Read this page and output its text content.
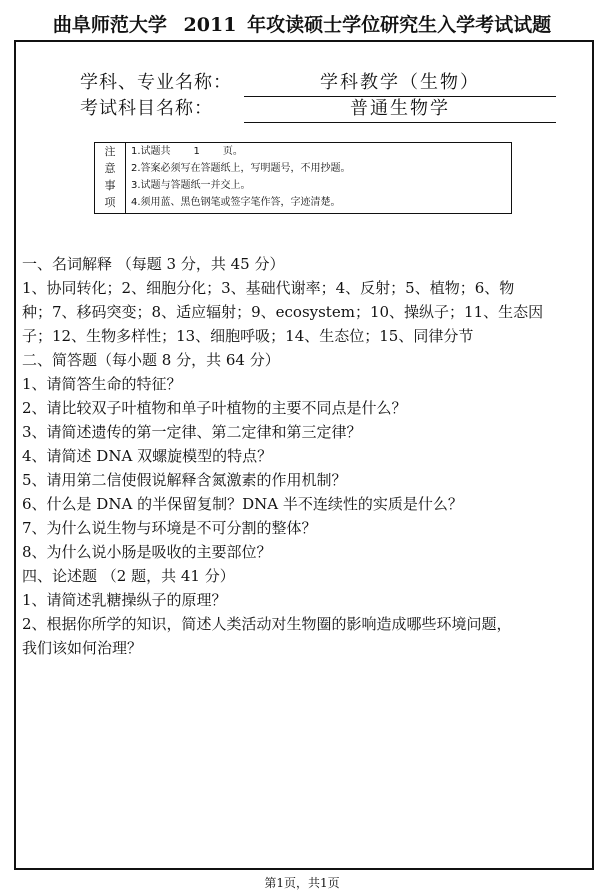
曲阜师范大学 2011 年攻读硕士学位研究生入学考试试题
学科、专业名称：	学科教学（生物）
考试科目名称：	普通生物学
注
意
事
项
1.试题共 1 页。
2.答案必须写在答题纸上，写明题号，不用抄题。
3.试题与答题纸一并交上。
4.须用蓝、黑色钢笔或签字笔作答，字迹清楚。
一、名词解释 （每题 3 分，共 45 分）
1、协同转化；2、细胞分化；3、基础代谢率；4、反射；5、植物；6、物
种；7、移码突变；8、适应辐射；9、ecosystem；10、操纵子；11、生态因
子；12、生物多样性；13、细胞呼吸；14、生态位；15、同律分节
二、简答题（每小题 8 分，共 64 分）
1、请简答生命的特征？
2、请比较双子叶植物和单子叶植物的主要不同点是什么？
3、请简述遗传的第一定律、第二定律和第三定律？
4、请简述 DNA 双螺旋模型的特点？
5、请用第二信使假说解释含氮激素的作用机制？
6、什么是 DNA 的半保留复制？DNA 半不连续性的实质是什么？
7、为什么说生物与环境是不可分割的整体？
8、为什么说小肠是吸收的主要部位？
四、论述题 （2 题，共 41 分）
1、请简述乳糖操纵子的原理？
2、根据你所学的知识，简述人类活动对生物圈的影响造成哪些环境问题，
我们该如何治理？
第1页，共1页
